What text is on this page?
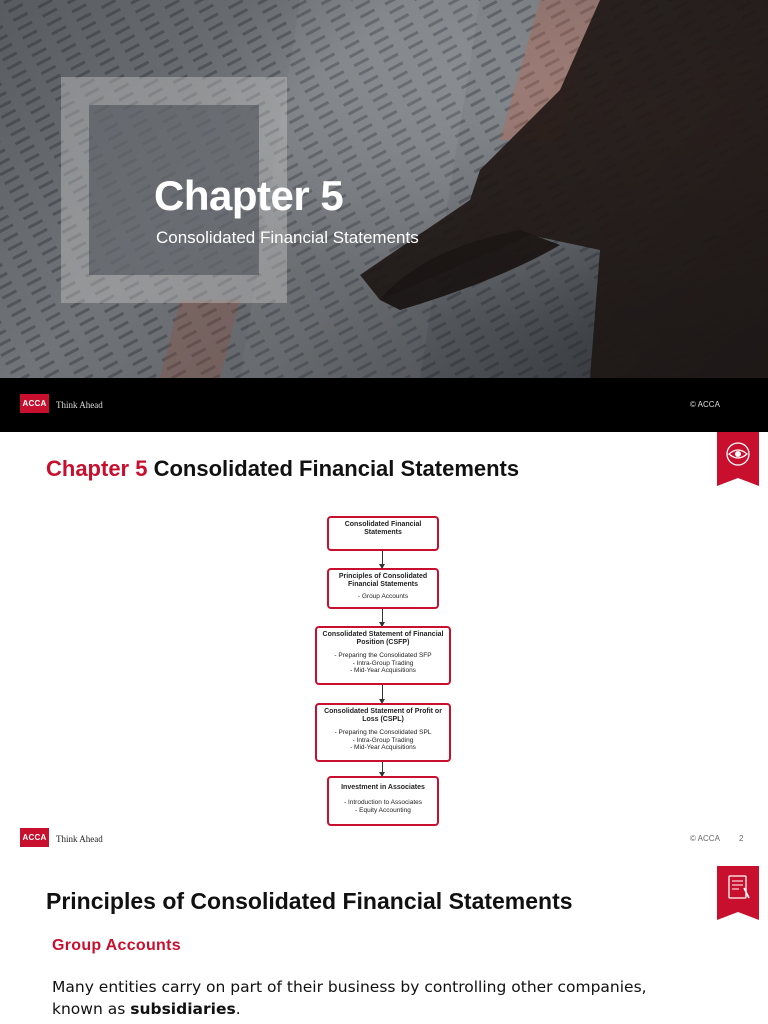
Chapter 5
Consolidated Financial Statements
ACCA Think Ahead	© ACCA
Chapter 5 Consolidated Financial Statements
Consolidated Financial Statements
Principles of Consolidated Financial Statements
- Group Accounts
Consolidated Statement of Financial Position (CSFP)
- Preparing the Consolidated SFP
- Intra-Group Trading
- Mid-Year Acquisitions
Consolidated Statement of Profit or Loss (CSPL)
- Preparing the Consolidated SPL
- Intra-Group Trading
- Mid-Year Acquisitions
Investment in Associates
- Introduction to Associates
- Equity Accounting
ACCA Think Ahead	© ACCA 2
Principles of Consolidated Financial Statements
Group Accounts
Many entities carry on part of their business by controlling other companies, known as subsidiaries.
